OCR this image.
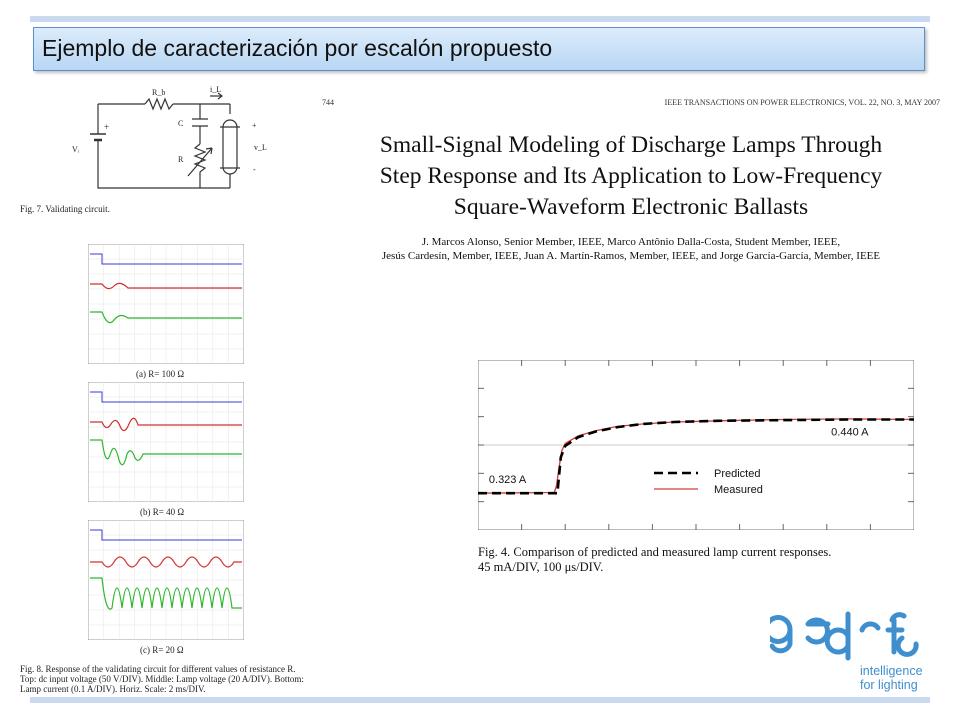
Ejemplo de caracterización por escalón propuesto
Vᵢ
+
R_b	i_L
C
R
+
v_L
-
Fig. 7. Validating circuit.
(a) R= 100 Ω
(b) R= 40 Ω
(c) R= 20 Ω
Fig. 8. Response of the validating circuit for different values of resistance R.
Top: dc input voltage (50 V/DIV). Middle: Lamp voltage (20 A/DIV). Bottom:
Lamp current (0.1 A/DIV). Horiz. Scale: 2 ms/DIV.
744	IEEE TRANSACTIONS ON POWER ELECTRONICS, VOL. 22, NO. 3, MAY 2007
Small-Signal Modeling of Discharge Lamps Through
Step Response and Its Application to Low-Frequency
Square-Waveform Electronic Ballasts
J. Marcos Alonso, Senior Member, IEEE, Marco Antônio Dalla-Costa, Student Member, IEEE,
Jesús Cardesín, Member, IEEE, Juan A. Martín-Ramos, Member, IEEE, and Jorge García-García, Member, IEEE
0.323 A
0.440 A
Predicted
Measured
Fig. 4. Comparison of predicted and measured lamp current responses.
45 mA/DIV, 100 μs/DIV.
intelligence
for lighting
